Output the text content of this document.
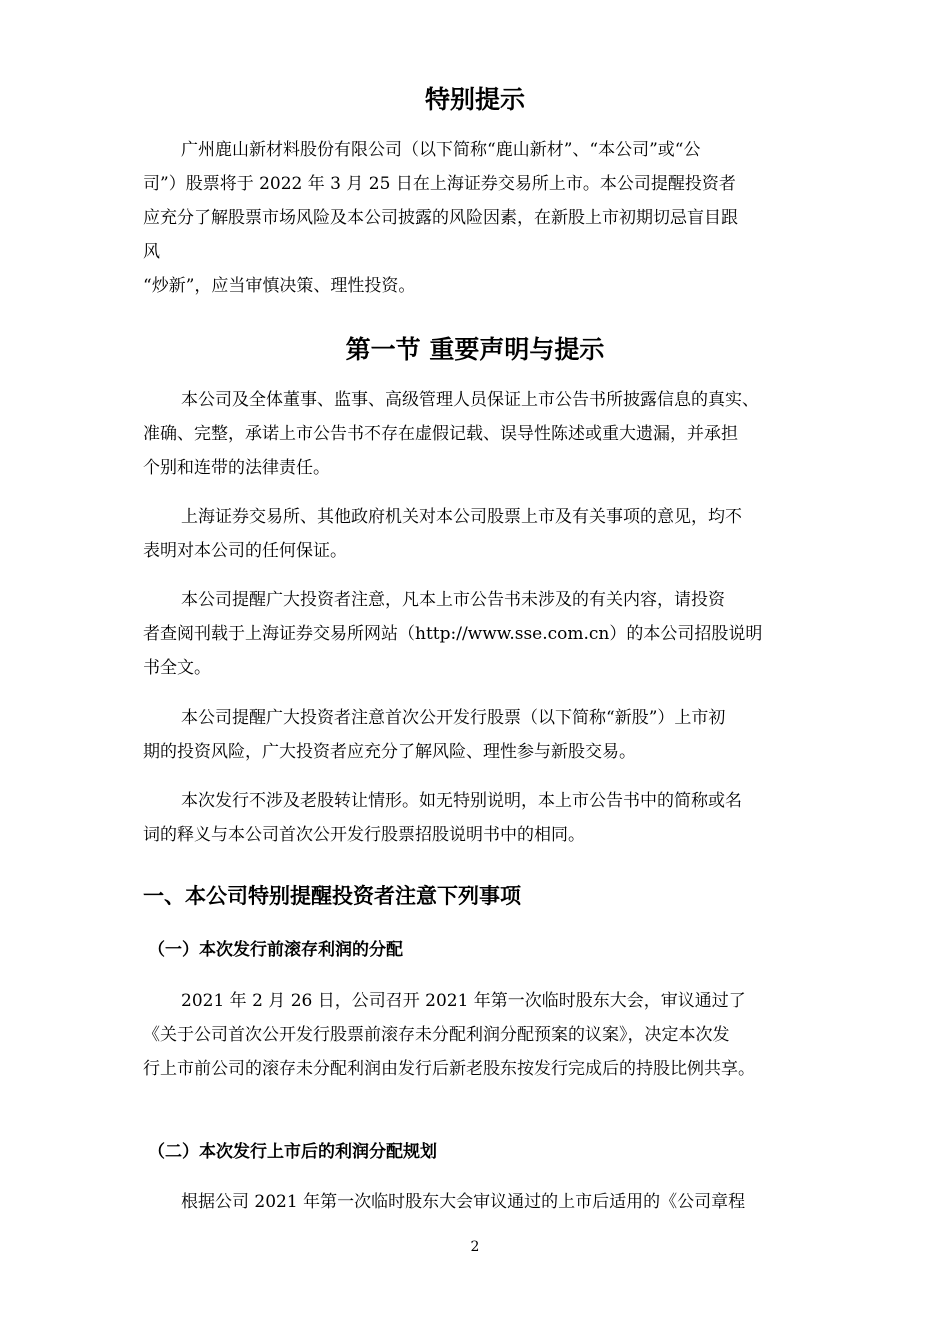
特别提示

广州鹿山新材料股份有限公司（以下简称“鹿山新材”、“本公司”或“公

司”）股票将于 2022 年 3 月 25 日在上海证券交易所上市。本公司提醒投资者

应充分了解股票市场风险及本公司披露的风险因素，在新股上市初期切忌盲目跟

风

“炒新”，应当审慎决策、理性投资。

第一节 重要声明与提示

本公司及全体董事、监事、高级管理人员保证上市公告书所披露信息的真实、

准确、完整，承诺上市公告书不存在虚假记载、误导性陈述或重大遗漏，并承担

个别和连带的法律责任。

上海证券交易所、其他政府机关对本公司股票上市及有关事项的意见，均不

表明对本公司的任何保证。

本公司提醒广大投资者注意，凡本上市公告书未涉及的有关内容，请投资

者查阅刊载于上海证券交易所网站（http://www.sse.com.cn）的本公司招股说明

书全文。

本公司提醒广大投资者注意首次公开发行股票（以下简称“新股”）上市初

期的投资风险，广大投资者应充分了解风险、理性参与新股交易。

本次发行不涉及老股转让情形。如无特别说明，本上市公告书中的简称或名

词的释义与本公司首次公开发行股票招股说明书中的相同。

一、本公司特别提醒投资者注意下列事项
（一）本次发行前滚存利润的分配

2021 年 2 月 26 日，公司召开 2021 年第一次临时股东大会，审议通过了

《关于公司首次公开发行股票前滚存未分配利润分配预案的议案》，决定本次发

行上市前公司的滚存未分配利润由发行后新老股东按发行完成后的持股比例共享。

（二）本次发行上市后的利润分配规划

根据公司 2021 年第一次临时股东大会审议通过的上市后适用的《公司章程

2
